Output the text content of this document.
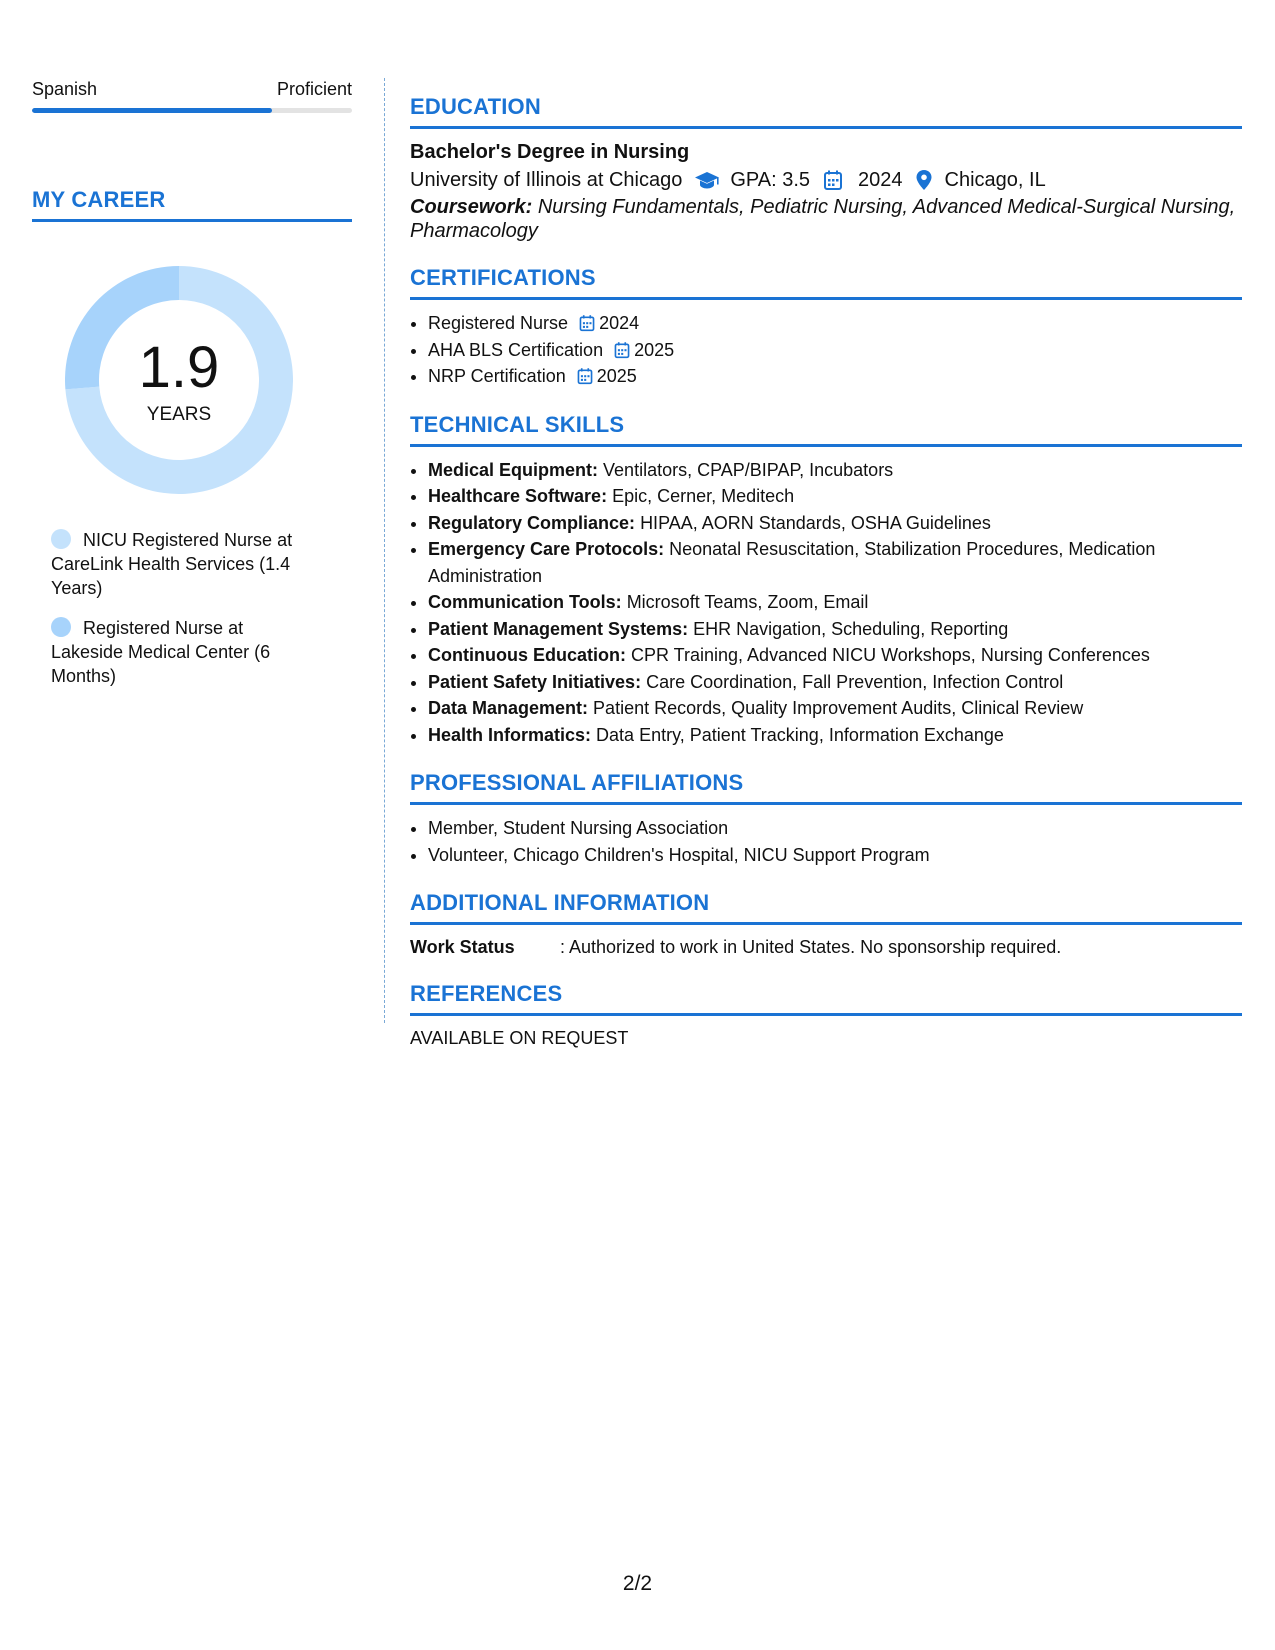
Spanish	Proficient
MY CAREER
1.9
YEARS
NICU Registered Nurse at CareLink Health Services (1.4 Years)
Registered Nurse at Lakeside Medical Center (6 Months)
EDUCATION
Bachelor's Degree in Nursing
University of Illinois at Chicago GPA: 3.5 2024 Chicago, IL
Coursework: Nursing Fundamentals, Pediatric Nursing, Advanced Medical-Surgical Nursing, Pharmacology
CERTIFICATIONS
• Registered Nurse 2024
• AHA BLS Certification 2025
• NRP Certification 2025
TECHNICAL SKILLS
• Medical Equipment: Ventilators, CPAP/BIPAP, Incubators
• Healthcare Software: Epic, Cerner, Meditech
• Regulatory Compliance: HIPAA, AORN Standards, OSHA Guidelines
• Emergency Care Protocols: Neonatal Resuscitation, Stabilization Procedures, Medication Administration
• Communication Tools: Microsoft Teams, Zoom, Email
• Patient Management Systems: EHR Navigation, Scheduling, Reporting
• Continuous Education: CPR Training, Advanced NICU Workshops, Nursing Conferences
• Patient Safety Initiatives: Care Coordination, Fall Prevention, Infection Control
• Data Management: Patient Records, Quality Improvement Audits, Clinical Review
• Health Informatics: Data Entry, Patient Tracking, Information Exchange
PROFESSIONAL AFFILIATIONS
• Member, Student Nursing Association
• Volunteer, Chicago Children's Hospital, NICU Support Program
ADDITIONAL INFORMATION
Work Status	: Authorized to work in United States. No sponsorship required.
REFERENCES
AVAILABLE ON REQUEST
2/2
